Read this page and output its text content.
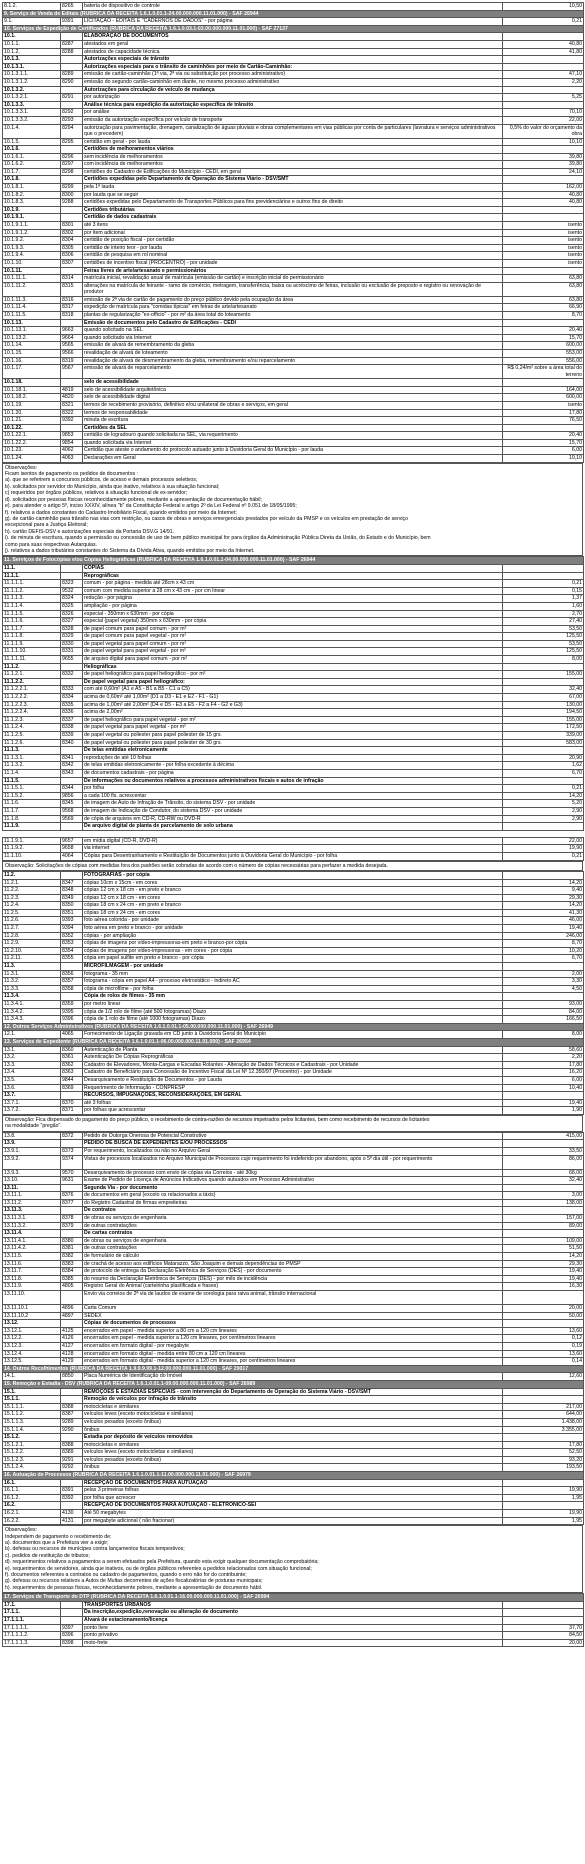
8.1.2.	8265	bateria de dispositivo de controle	10,50
9. Serviço de Venda de Editais (RUBRICA DA RECEITA 1.6.1.0.01.1-24.00.000.000.11.01.000) - SAF 26944			
9.1.	9391	LICITAÇÃO - EDITAIS E "CADERNOS DE DADOS" - por página	0,21
10. Serviços de Expedição de Certificados (RUBRICA DA RECEITA 1.6.1.0.03.1-03.00.000.000.11.01.000) - SAF 27137			
10.1.		ELABORAÇÃO DE DOCUMENTOS	
10.1.1.	8287	atestados em geral	40,80
10.1.2.	8288	atestados de capacidade técnica	41,80
10.1.3.		Autorizações especiais de trânsito	
10.1.3.1.		Autorizações especiais para o trânsito de caminhões por meio de Cartão-Caminhão:	
10.1.3.1.1.	8289	emissão de cartão-caminhão (1ª via, 2ª via ou substituição por processo administrativo)	47,10
10.1.3.1.2.	8290	emissão do segundo cartão-caminhão em diante, no mesmo processo administrativo	2,20
10.1.3.2.		Autorizações para circulação de veículo de mudança	
10.1.3.2.1.	8291	por autorização	5,25
10.1.3.3.		Análise técnica para expedição da autorização específica de trânsito	
10.1.3.3.1.	8292	por análise	70,10
10.1.3.3.2.	8293	emissão da autorização específica por veículo de transporte	22,00
10.1.4.	8294	autorização para pavimentação, drenagem, canalização de águas pluviais e obras complementares em vias públicas por conta de particulares (lavratura e serviços administrativos que o precedem)	0,5% do valor do orçamento da obra
10.1.5.	8295	certidão em geral - por lauda	10,10
10.1.6.		Certidões de melhoramentos viários	
10.1.6.1.	8296	sem incidência de melhoramentos	39,80
10.1.6.2.	8297	com incidência de melhoramentos	39,80
10.1.7.	8298	certidões do Cadastro de Edificações do Município - CEDI, em geral	24,10
10.1.8.		Certidões expedidas pelo Departamento de Operação do Sistema Viário - DSV/SMT	
10.1.8.1.	8299	pela 1ª lauda	162,00
10.1.8.2.	8300	por lauda que se seguir	40,80
10.1.8.3.	9288	certidões expedidas pelo Departamento de Transportes Públicos para fins previdenciários e outros fins de direito	40,80
10.1.9.		Certidões tributárias	
10.1.9.1.		Certidão de dados cadastrais	
10.1.9.1.1.	8301	até 3 itens	isento
10.1.9.1.2.	8302	por item adicional	isento
10.1.9.2.	8304	certidão de posição fiscal - por certidão	isento
10.1.9.3.	8305	certidão de inteiro teor - por lauda	isento
10.1.9.4.	8306	certidão de pesquisa em rol nominal	isento
10.1.10.	8307	certidões de incentivo fiscal (PROCENTRO) - por unidade	isento
10.1.11.		Feiras livres de arte/artesanato e permissionários	
10.1.11.1.	8314	matrícula inicial, revalidação anual de matrícula (emissão de cartão) e inscrição inicial do permissionário	63,80
10.1.11.2.	8315	alterações na matrícula de feirante - ramo de comércio, metragem, transferência, baixa ou acréscimo de feiras, inclusão ou exclusão de preposto e registro ou renovação de produtor	63,80
10.1.11.3.	8316	emissão de 2ª via de cartão de pagamento do preço público devido pela ocupação da área	63,80
10.1.11.4.	8317	expedição de matrícula para "comidas típicas" em feiras de arte/artesanato	66,90
10.1.11.5.	8318	plantas de regularização "ex-officio" - por m² da área total do loteamento	8,70
10.1.13.		Emissão de documentos pelo Cadastro de Edificações - CEDI	
10.1.13.1.	9663	quando solicitado na SEL	20,40
10.1.13.2.	9664	quando solicitado via Internet	15,70
10.1.14.	9565	emissão de alvará de remembramento da gleba	600,00
10.1.15.	9566	revalidação de alvará de loteamento	553,00
10.1.16.	8319	revalidação de alvará de desmembramento da gleba, remembramento e/ou reparcelamento	556,00
10.1.17.	9567	emissão de alvará de reparcelamento	R$ 0,24/m² sobre a área total do terreno
10.1.18.		selo de acessibilidade	
10.1.18.1.	4819	selo de acessibilidade arquitetônica	164,00
10.1.18.2.	4820	selo de acessibilidade digital	600,00
10.1.19.	8321	termos de recebimento provisório, definitivo e/ou unilateral de obras e serviços, em geral	isento
10.1.20.	8322	termos de responsabilidade	17,80
10.1.21.	9392	minuta de escritura	76,50
10.1.22.		Certidões da SEL	
10.1.22.1.	9853	certidão de logradouro quando solicitada na SEL, via requerimento	20,40
10.1.22.2.	9854	quando solicitada via Internet	15,70
10.1.23.	4062	Certidão que ateste o andamento do protocolo autuado junto à Ouvidoria Geral do Município - por lauda	6,00
10.1.24.	4063	Declarações em Geral	10,10
Observações:
Ficam isentos de pagamento os pedidos de documentos :
a). que se referirem a concursos públicos, de acesso e demais processos seletivos;
b). solicitados por servidor do Município, ainda que inativo, relativos à sua situação funcional;
c) requeridos por órgãos públicos, relativos à situação funcional de ex-servidor;
d). solicitados por pessoas físicas reconhecidamente pobres, mediante a apresentação de documentação hábil;
e). para atender o artigo 5º, inciso XXXIV, alínea "b" da Constituição Federal e artigo 2º da Lei Federal nº 9.051 de 18/05/1995;
f). relativos a dados constantes do Cadastro Imobiliário Fiscal, quando emitidos por meio da Internet;
g). de cartão-caminhão para trânsito nas vias com restrição, ou casos de obras e serviços emergenciais prestados por veículo da PMSP e os veículos em prestação de serviço
excepcional para a Justiça Eleitoral;
h). cartão DEFIS-DSV e autorizações especiais da Portaria DSV.G 14/91.
i). de minuta de escritura, quando a permissão ou concessão de uso de bem público municipal for para órgãos da Administração Pública Direta da União, do Estado e do Município, bem
como para suas respectivas Autarquias.
j). relativos a dados tributários constantes do Sistema da Dívida Ativa, quando emitidos por meio da Internet.
11. Serviços de Fotocópias e/ou Cópias Heliográficas (RUBRICA DA RECEITA 1.6.1.0.01.1-04.00.000.000.11.01.000) - SAF 26944			
11.1.		CÓPIAS	
11.1.1.		Reprográficas	
11.1.1.1.	8323	comum - por página - medida até 28cm x 43 cm	0,21
11.1.1.2.	9532	comum com medida superior a 28 cm x 43 cm - por cm linear	0,15
11.1.1.3.	8324	redução - por página	1,37
11.1.1.4.	8325	ampliação - por página	1,60
11.1.1.5.	8326	especial - 350mm x 630mm - por cópia	2,70
11.1.1.6.	8327	especial (papel vegetal) 350mm x 630mm - por cópia	27,40
11.1.1.7.	8328	de papel comum para papel comum - por m²	53,50
11.1.1.8.	8329	de papel comum para papel vegetal - por m²	125,50
11.1.1.9.	8330	de papel vegetal para papel comum - por m²	53,50
11.1.1.10.	8331	de papel vegetal para papel vegetal - por m²	125,50
11.1.1.11.	9655	de arquivo digital para papel comum - por m²	8,00
11.1.2.		Heliográficas	
11.1.2.1.	8332	de papel heliográfico para papel heliográfico - por m²	155,00
11.1.2.2.		De papel vegetal para papel heliográfico:	
11.1.2.2.1.	8333	com até 0,60m² (A1 e A5 - B1 a B5 - C1 a C5)	32,40
11.1.2.2.2.	8334	acima de 0,60m² até 1,00m² (D1 a D3 - E1 e E2 - F1 - G1)	67,00
11.1.2.2.3.	8335	acima de 1,00m² até 2,00m² (D4 e D5 - E3 a E5 - F2 a F4 - G2 e G3)	130,00
11.1.2.2.4.	8336	acima de 2,00m²	194,50
11.1.2.3.	8337	de papel heliográfico para papel vegetal - por m²	155,00
11.1.2.4.	8338	de papel vegetal para papel vegetal - por m²	172,50
11.1.2.5.	8339	de papel vegetal ou poliester para papel poliester de 15 grs.	339,00
11.1.2.6.	8340	de papel vegetal ou poliester para papel poliester de 30 grs.	583,00
11.1.3.		De telas emitidas eletronicamente	
11.1.3.1.	8341	reproduções de até 10 folhas	20,90
11.1.3.2.	8342	de telas emitidas eletronicamente - por folha excedente à décima	1,62
11.1.4.	8343	de documentos cadastrais - por página	6,70
11.1.5.		De informações ou documentos relativos a processos administrativos fiscais e autos de infração	
11.1.5.1.	8344	por folha	0,21
11.1.5.2.	9856	a cada 100 fls. acrescentar	14,20
11.1.6.	8345	de imagem de Auto de Infração de Trânsito, do sistema DSV - por unidade	5,20
11.1.7.	9568	de imagem de Indicação de Condutor, do sistema DSV - por unidade	2,90
11.1.8.	9569	de cópia de arquivos em CD-R, CD-RW ou DVD-R	2,90
11.1.9.		De arquivo digital de planta de parcelamento de solo urbana	
11.1.9.1.	9657	em mídia digital (CD-R, DVD-R)	22,00
11.1.9.2.	9658	via internet	19,90
11.1.10.	4064	Cópias para Desentranhamento e Restituição de Documentos junto à Ouvidoria Geral do Município - por folha	0,21
Observação: Solicitações de cópias com medidas fora dos padrões serão cobradas de acordo com o número de cópias necessárias para perfazer a medida desejada.
11.2.		FOTOGRAFIAS - por cópia	
11.2.1.	8347	cópias 10cm x 15cm - em cores	14,20
11.2.2.	8348	cópias 12 cm x 18 cm - em preto e branco	9,40
11.2.3.	8349	cópias 12 cm x 18 cm - em cores	29,30
11.2.4.	8350	cópias 18 cm x 24 cm - em preto e branco	14,20
11.2.5.	8351	cópias 18 cm x 24 cm - em cores	41,30
11.2.6.	9393	foto aérea colorida - por unidade	46,00
11.2.7.	9394	foto aérea em preto e branco - por unidade	19,40
11.2.8.	8352	cópias - por ampliação	246,00
11.2.9.	8353	cópias de imagens por vídeo-impressoras-em preto e branco-por cópia	8,70
11.2.10.	8354	cópias de imagens por vídeo-impressoras - em cores - por cópia	10,20
11.2.11.	8355	cópia em papel sulfite em preto e branco - por cópia	6,70
11.3.		MICROFILMAGEM - por unidade	
11.3.1.	8356	fotograma - 35 mm	2,00
11.3.2.	8357	fotograma - cópia em papel A4 - processo eletrostático - indireto AC	3,30
11.3.3.	8358	cópia de microfilme - por folha	4,50
11.3.4.		Cópia de rolos de filmes - 35 mm	
11.3.4.1.	8359	por metro linear	93,00
11.3.4.2.	9395	cópia de 1/2 rolo de filme (até 500 fotogramas) Diazo	84,00
11.3.4.3.	9396	cópia de 1 rolo de filme (até 1000 fotogramas) Diazo	166,50
12. Outros Serviços Administrativos (RUBRICA DA RECEITA 1.6.1.0.01.1-05.00.000.000.11.01.000) - SAF 26949			
12.1.	4065	Fornecimento de Ligação gravada em CD junto à Ouvidoria Geral do Município	8,00
13. Serviços de Expediente (RUBRICA DA RECEITA 1.6.1.0.01.1-06.00.000.000.11.01.000) - SAF 26954			
13.1.	8360	Autenticação de Planta	58,60
13.2.	8361	Autenticação De Cópias Reprográficas	2,20
13.3.	8362	Cadastro de Elevadores, Monta-Cargas e Escadas Rolantes - Alteração de Dados Técnicos e Cadastrais - por Unidade	17,80
13.4.	8363	Cadastro de Beneficiário para Concessão de Incentivo Fiscal da Lei Nº 12.350/97 (Procentro) - por Unidade	16,20
13.5.	9844	Desarquivamento e Restituição de Documentos - por Lauda	6,00
13.6.	8369	Requerimento de Informação - CONPRESP	10,40
13.7.		RECURSOS, IMPUGNAÇÕES, RECONSIDERAÇÕES, EM GERAL	
13.7.1.	8370	até 3 folhas	19,40
13.7.2.	8371	por folhas que acrescentar	1,90
Observação: Fica dispensado do pagamento do preço público, o recebimento de contra-razões de recursos impetrados pelos licitantes, bem como recebimento de recursos de licitantes
na modalidade "pregão".
13.8.	8372	Pedido de Outorga Onerosa de Potencial Construtivo	415,00
13.9.		PEDIDO DE BUSCA DE EXPEDIENTES E/OU PROCESSOS	
13.9.1.	8373	Por requerimento, localizados ou não no Arquivo Geral	33,50
13.9.2.	9374	Vistas de processos localizados no Arquivo Municipal de Processos cujo requerimento foi indeferido por abandono, após o 5º dia útil - por requerimento	86,00
13.9.3.	9570	Desarquivamento de processo com envio de cópias via Correios - até 30kg	68,00
13.10.	9631	Exame de Pedido de Licença de Anúncios Indicativos quando autuados em Processo Administrativo	32,40
13.11.		Segunda Via - por documento	
13.11.1.	8376	de documentos em geral (exceto os relacionados a táxis)	3,00
13.11.2.	8377	do Registro Cadastral de firmas empreiteiras	138,00
13.11.3.		De contratos	
13.11.3.1.	8378	de obras ou serviços de engenharia	157,00
13.11.3.2.	8379	de outras contratações	89,00
13.11.4.		De cartas contratos	
13.11.4.1.	8380	de obras ou serviços de engenharia	109,00
13.11.4.2.	8381	de outras contratações	51,50
13.11.5.	8382	de formulário de cálculo	14,20
13.11.6.	8383	de crachá de acesso aos edifícios Matarazzo, São Joaquim e demais dependências do PMSP	29,30
13.11.7.	8384	de protocolo de entrega da Declaração Eletrônica de Serviços (DES) - por documento	19,40
13.11.8.	8385	do resumo da Declaração Eletrônica de Serviços (DES) - por mês de incidência	19,40
13.11.9.	4805	Registro Geral do Animal (carteirinha plastificada e frases)	16,30
13.11.10.		Envio via correios de 2ª via de laudos de exame de sorologia para raiva animal, trânsito internacional	
13.11.10.1	4896	Carta Comum	20,00
13.11.10.2	4897	SEDEX	50,00
13.12.		Cópias de documentos de processos	
13.12.1.	4125	encerrados em papel - medida superior a 80 cm a 120 cm lineares	13,60
13.12.2.	4126	encerrados em papel - medida superior a 120 cm lineares, por centímetros lineares	0,12
13.12.3.	4127	encerrados em formato digital - por megabyte	0,19
13.12.4.	4128	encerrados em formato digital - medida entre 80 cm a 120 cm lineares	13,60
13.12.5.	4129	encerrados em formato digital - medida superior a 120 cm lineares, por centímetros lineares	0,14
14. Outros Recolhimentos (RUBRICA DA RECEITA 1.9.9.9.99.1-12.00.000.000.11.01.000) - SAF 29017			
14.1.	8850	Placa Numérica de Identificação do Imóvel	12,60
15. Remoção e Estadia - DSV (RUBRICA DA RECEITA 1.6.1.0.01.1-09.00.000.000.11.01.000) - SAF 26989			
15.1.		REMOÇÕES E ESTADIAS ESPECIAIS - com intervenção do Departamento de Operação do Sistema Viário - DSV/SMT	
15.1.1.		Remoção de veículos por infração de trânsito	
15.1.1.1.	8388	motocicletas e similares	217,00
15.1.1.2.	8387	veículos leves (exceto motocicletas e similares)	644,00
15.1.1.3.	9289	veículos pesados (exceto ônibus)	1.438,00
15.1.1.4.	9290	ônibus	3.355,00
15.1.2.		Estadia por depósito de veículos removidos	
15.1.2.1.	8388	motocicletas e similares	17,80
15.1.2.2.	8389	veículos leves (exceto motocicletas e similares)	52,50
15.1.2.3.	9291	veículos pesados (exceto ônibus)	93,20
15.1.2.4.	9292	ônibus	193,50
16. Autuação de Processos (RUBRICA DA RECEITA 1.6.1.0.01.1-11.00.000.000.11.01.000) - SAF 26979			
16.1.		RECEPÇÃO DE DOCUMENTOS PARA AUTUAÇÃO	
16.1.1.	8391	pelas 3 primeiras folhas	19,90
16.1.2.	8392	por folha que acrescer	1,95
16.2.		RECEPÇÃO DE DOCUMENTOS PARA AUTUAÇÃO - ELETRÔNICO-SEI	
16.2.1.	4130	Até 50 megabytes	19,90
16.2.2.	4131	por megabyte adicional ( não fracionar)	1,95
Observações:
Independem de pagamento o recebimento de:
a). documentos que a Prefeitura vier a exigir;
b). defesas ou recursos de munícipes contra lançamentos fiscais tempestivos;
c). pedidos de restituição de tributos;
d). requerimentos relativos a pagamentos a serem efetuados pela Prefeitura, quando esta exigir qualquer documentação comprobatória;
e). requerimentos de servidores, ainda que inativos, ou de órgãos públicos referentes a pedidos relacionados com situação funcional;
f). documentos referentes a contratos ou cadastro de pagamentos, quando o erro não for do contribuinte;
g). defesas ou recursos relativos a Autos de Multas decorrentes de ações fiscalizatórias de posturas municipais;
h). requerimentos de pessoas físicas, reconhecidamente pobres, mediante a apresentação de documento hábil.
17. Serviços de Transporte do DTP (RUBRICA DA RECEITA 1.6.1.0.01.1-16.00.000.000.11.01.000) - SAF 26994			
17.1.		TRANSPORTES URBANOS	
17.1.1.		Da inscrição,expedição,renovação ou alteração de documento	
17.1.1.1.		Alvará de estacionamento/licença	
17.1.1.1.1.	9397	ponto livre	37,70
17.1.1.1.2.	8396	ponto privativo	84,50
17.1.1.1.3.	8398	moto-frete	20,00
